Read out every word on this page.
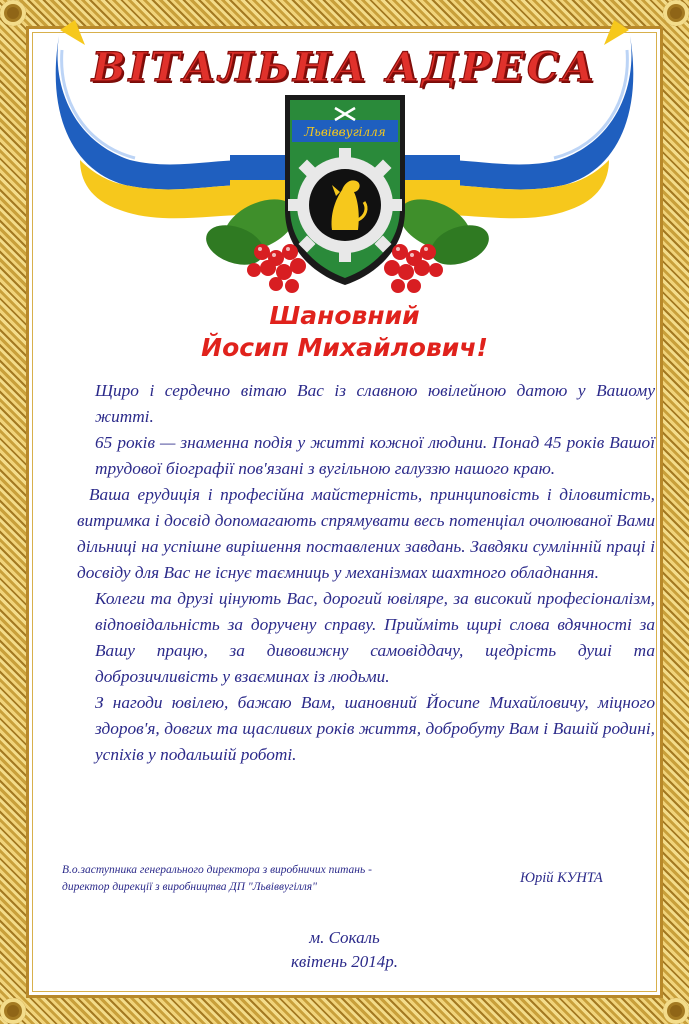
Львіввугілля
ВІТАЛЬНА АДРЕСА
Шановний
Йосип Михайлович!

Щиро і сердечно вітаю Вас із славною ювілейною датою у Вашому житті.

65 років — знаменна подія у житті кожної людини. Понад 45 років Вашої трудової біографії пов'язані з вугільною галуззю нашого краю.

Ваша ерудиція і професійна майстерність, принциповість і діловитість, витримка і досвід допомагають спрямувати весь потенціал очолюваної Вами дільниці на успішне вирішення поставлених завдань. Завдяки сумлінній праці і досвіду для Вас не існує таємниць у механізмах шахтного обладнання.

Колеги та друзі цінують Вас, дорогий ювіляре, за високий професіоналізм, відповідальність за доручену справу. Прийміть щирі слова вдячності за Вашу працю, за дивовижну самовіддачу, щедрість душі та доброзичливість у взаєминах із людьми.

З нагоди ювілею, бажаю Вам, шановний Йосипе Михайловичу, міцного здоров'я, довгих та щасливих років життя, добробуту Вам і Вашій родині, успіхів у подальшій роботі.

В.о.заступника генерального директора з виробничих питань -
директор дирекції з виробництва ДП "Львіввугілля"
Юрій КУНТА
м. Сокаль
квітень 2014р.
